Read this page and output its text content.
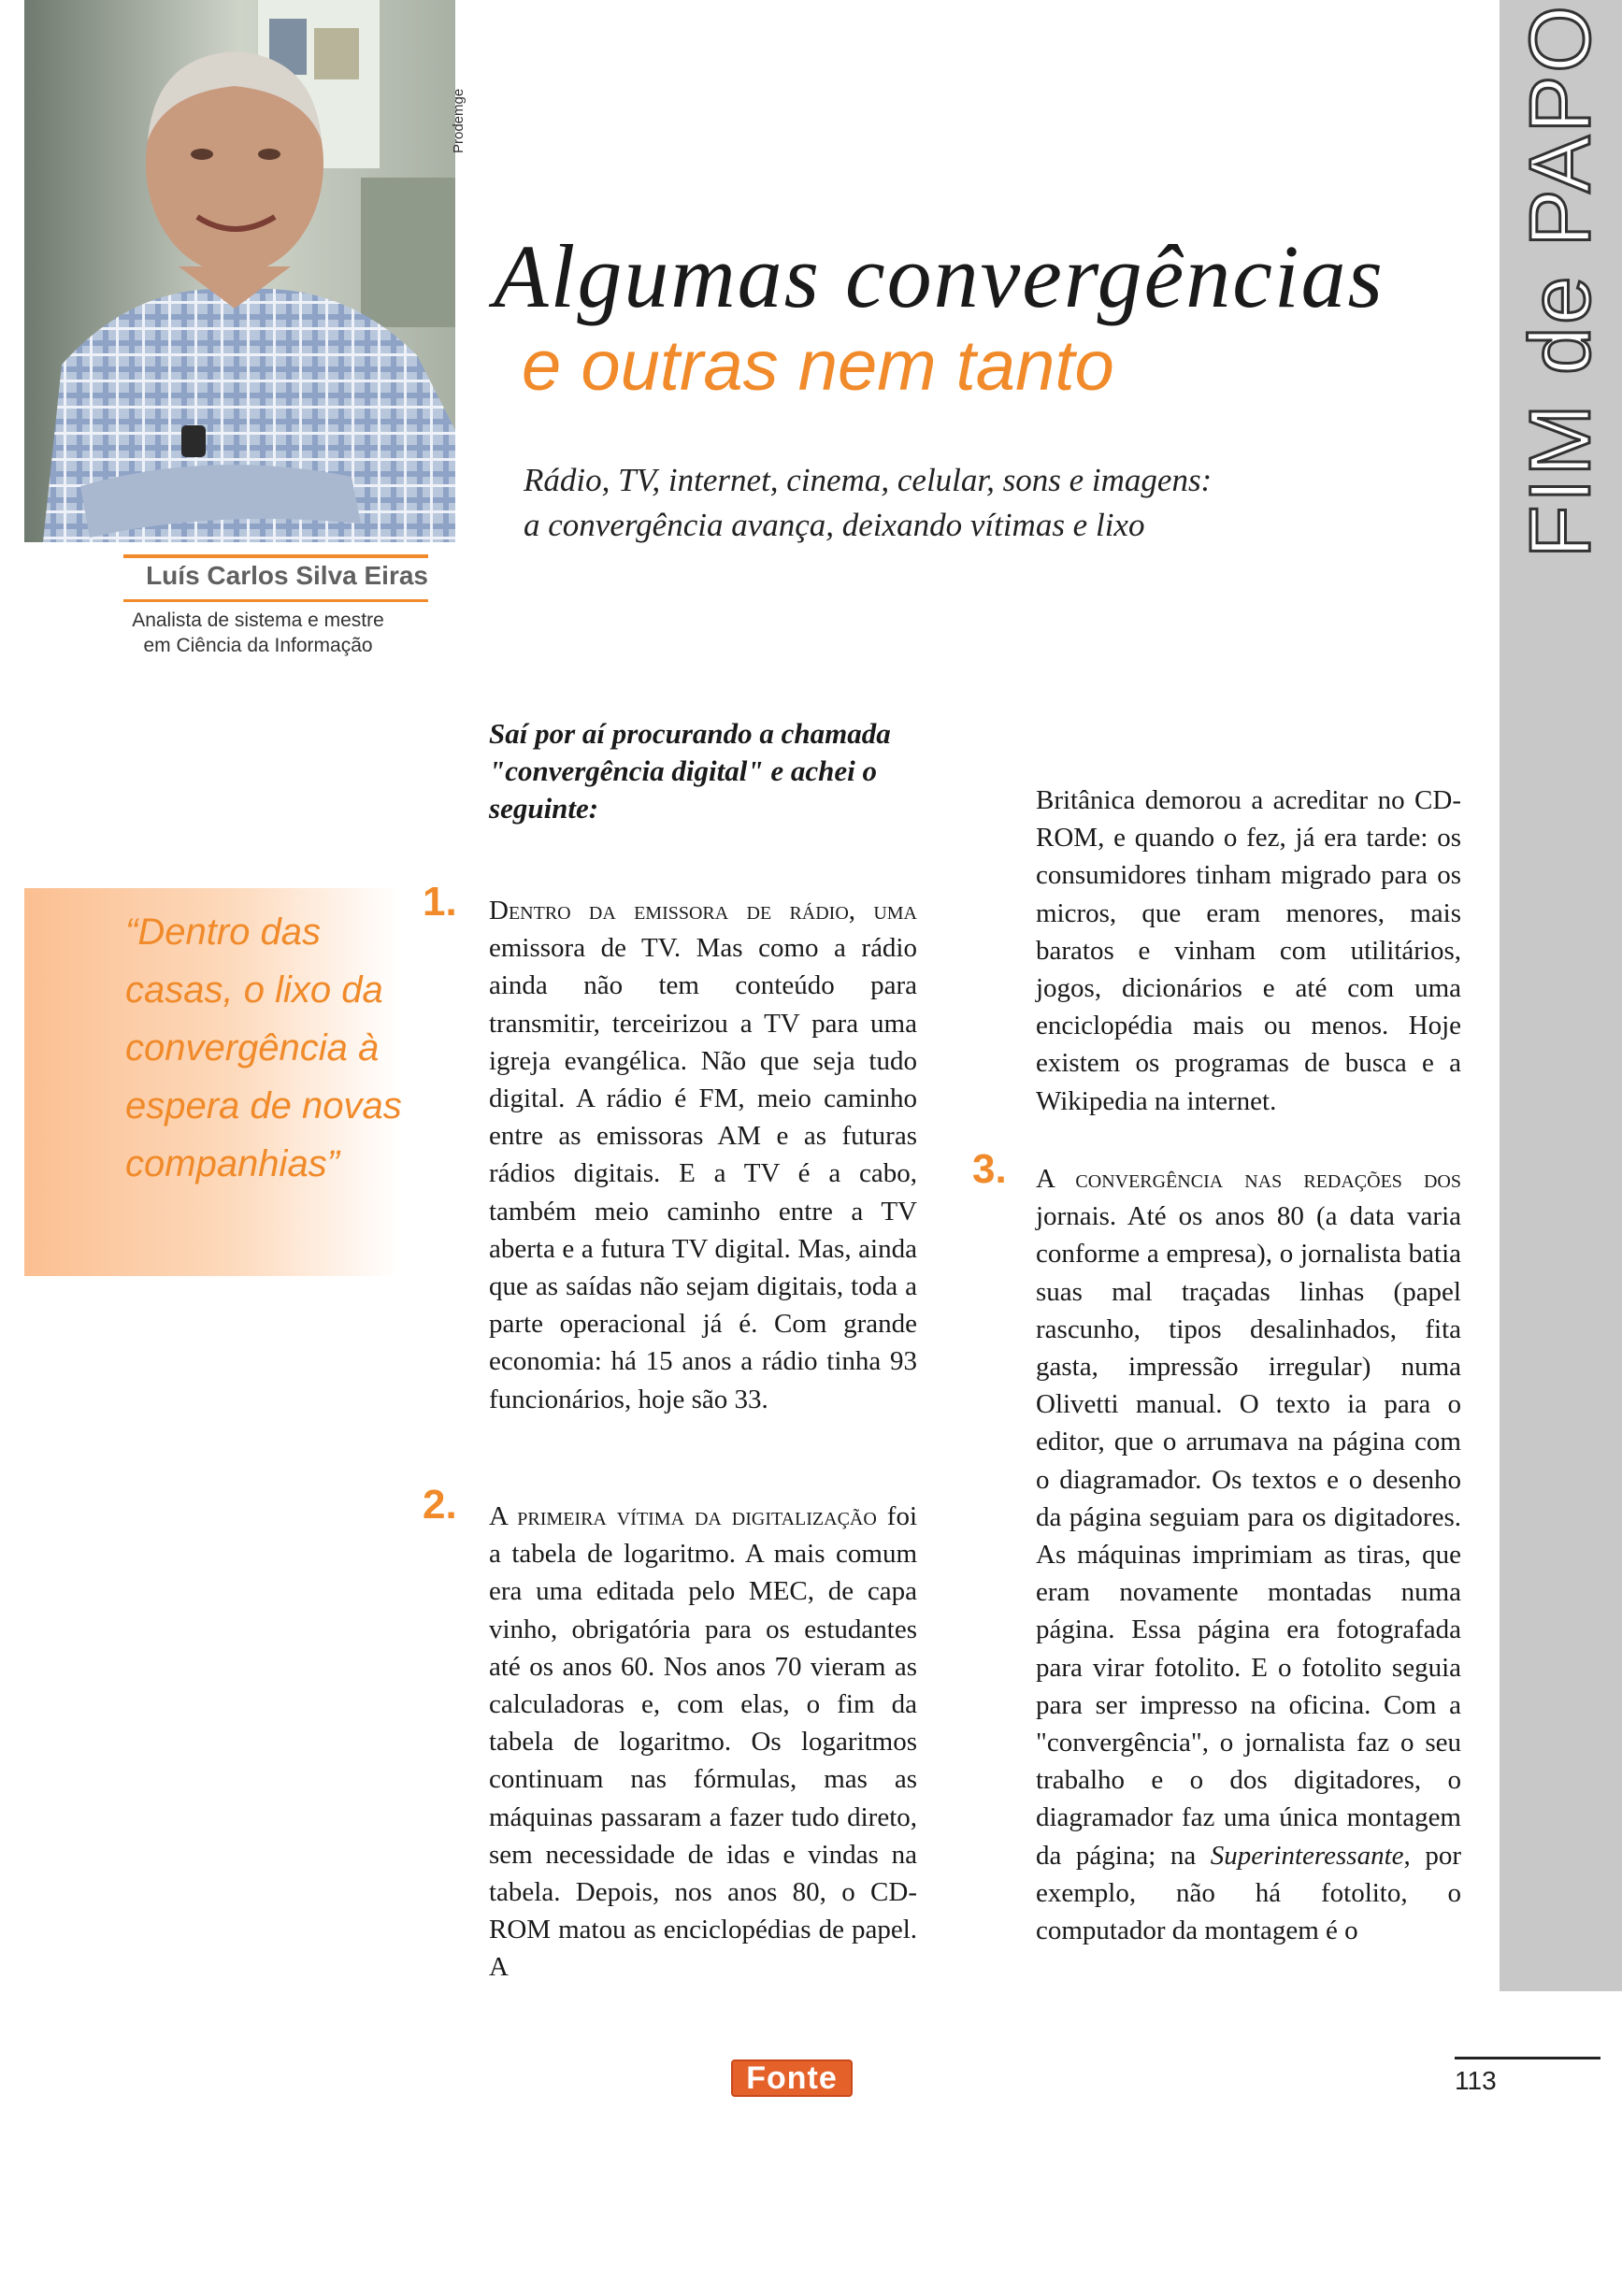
Prodemge
Luís Carlos Silva Eiras
Analista de sistema e mestre
em Ciência da Informação
Algumas convergências
e outras nem tanto
Rádio, TV, internet, cinema, celular, sons e imagens:
a convergência avança, deixando vítimas e lixo	FIM de PAPO
“Dentro das casas, o lixo da convergência à espera de novas companhias”
Saí por aí procurando a chamada "convergência digital" e achei o seguinte:
1. Dentro da emissora de rádio, uma emissora de TV. Mas como a rádio ainda não tem conteúdo para transmitir, terceirizou a TV para uma igreja evangélica. Não que seja tudo digital. A rádio é FM, meio caminho entre as emissoras AM e as futuras rádios digitais. E a TV é a cabo, também meio caminho entre a TV aberta e a futura TV digital. Mas, ainda que as saídas não sejam digitais, toda a parte operacional já é. Com grande economia: há 15 anos a rádio tinha 93 funcionários, hoje são 33.

2. A primeira vítima da digitalização foi a tabela de logaritmo. A mais comum era uma editada pelo MEC, de capa vinho, obrigatória para os estudantes até os anos 60. Nos anos 70 vieram as calculadoras e, com elas, o fim da tabela de logaritmo. Os logaritmos continuam nas fórmulas, mas as máquinas passaram a fazer tudo direto, sem necessidade de idas e vindas na tabela. Depois, nos anos 80, o CD-ROM matou as enciclopédias de papel. A

Britânica demorou a acreditar no CD-ROM, e quando o fez, já era tarde: os consumidores tinham migrado para os micros, que eram menores, mais baratos e vinham com utilitários, jogos, dicionários e até com uma enciclopédia mais ou menos. Hoje existem os programas de busca e a Wikipedia na internet.
3. A convergência nas redações dos jornais. Até os anos 80 (a data varia conforme a empresa), o jornalista batia suas mal traçadas linhas (papel rascunho, tipos desalinhados, fita gasta, impressão irregular) numa Olivetti manual. O texto ia para o editor, que o arrumava na página com o diagramador. Os textos e o desenho da página seguiam para os digitadores. As máquinas imprimiam as tiras, que eram novamente montadas numa página. Essa página era fotografada para virar fotolito. E o fotolito seguia para ser impresso na oficina. Com a "convergência", o jornalista faz o seu trabalho e o dos digitadores, o diagramador faz uma única montagem da página; na Superinteressante, por exemplo, não há fotolito, o computador da montagem é o

Fonte	113
